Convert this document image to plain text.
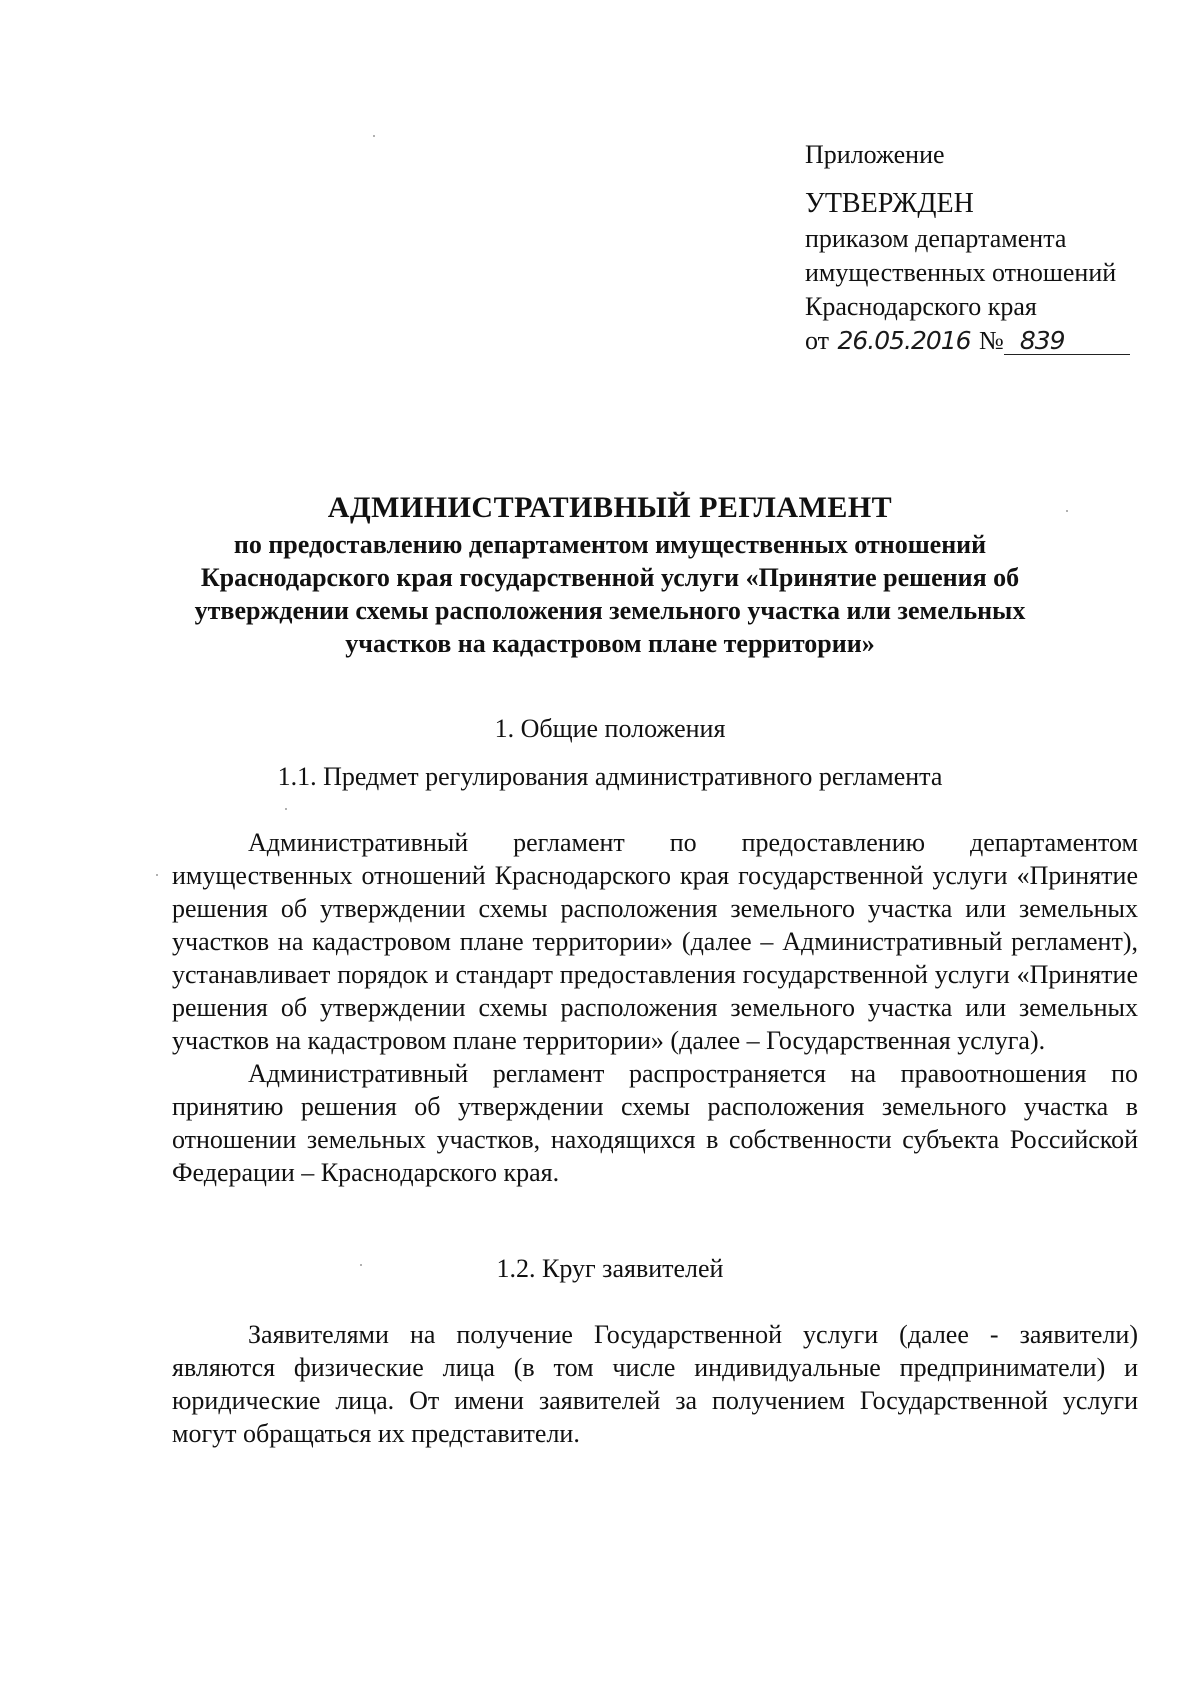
Приложение
УТВЕРЖДЕН
приказом департамента
имущественных отношений
Краснодарского края
от 26.05.2016 № 839
АДМИНИСТРАТИВНЫЙ РЕГЛАМЕНТ
по предоставлению департаментом имущественных отношений
Краснодарского края государственной услуги «Принятие решения об
утверждении схемы расположения земельного участка или земельных
участков на кадастровом плане территории»
1. Общие положения
1.1. Предмет регулирования административного регламента

Административный регламент по предоставлению департаментом имущественных отношений Краснодарского края государственной услуги «Принятие решения об утверждении схемы расположения земельного участка или земельных участков на кадастровом плане территории» (далее – Административный регламент), устанавливает порядок и стандарт предоставления государственной услуги «Принятие решения об утверждении схемы расположения земельного участка или земельных участков на кадастровом плане территории» (далее – Государственная услуга).

Административный регламент распространяется на правоотношения по принятию решения об утверждении схемы расположения земельного участка в отношении земельных участков, находящихся в собственности субъекта Российской Федерации – Краснодарского края.

1.2. Круг заявителей

Заявителями на получение Государственной услуги (далее - заявители) являются физические лица (в том числе индивидуальные предприниматели) и юридические лица. От имени заявителей за получением Государственной услуги могут обращаться их представители.
